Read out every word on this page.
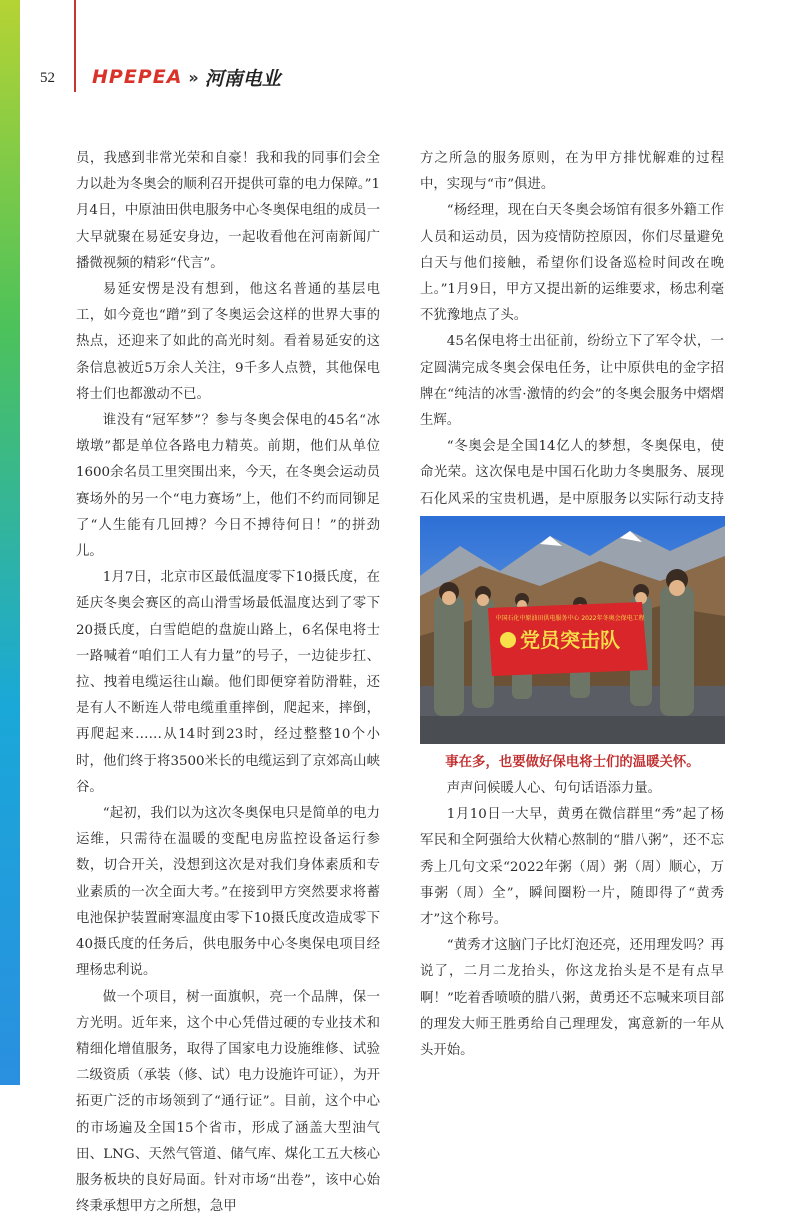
52 HPEPEA » 河南电业

员，我感到非常光荣和自豪！我和我的同事们会全力以赴为冬奥会的顺利召开提供可靠的电力保障。”1月4日，中原油田供电服务中心冬奥保电组的成员一大早就聚在易延安身边，一起收看他在河南新闻广播微视频的精彩“代言”。

易延安愣是没有想到，他这名普通的基层电工，如今竟也“蹭”到了冬奥运会这样的世界大事的热点，还迎来了如此的高光时刻。看着易延安的这条信息被近5万余人关注，9千多人点赞，其他保电将士们也都激动不已。

谁没有“冠军梦”？参与冬奥会保电的45名“冰墩墩”都是单位各路电力精英。前期，他们从单位1600余名员工里突围出来，今天，在冬奥会运动员赛场外的另一个“电力赛场”上，他们不约而同铆足了“人生能有几回搏？今日不搏待何日！”的拼劲儿。

1月7日，北京市区最低温度零下10摄氏度，在延庆冬奥会赛区的高山滑雪场最低温度达到了零下20摄氏度，白雪皑皑的盘旋山路上，6名保电将士一路喊着“咱们工人有力量”的号子，一边徒步扛、拉、拽着电缆运往山巅。他们即便穿着防滑鞋，还是有人不断连人带电缆重重摔倒，爬起来，摔倒，再爬起来……从14时到23时，经过整整10个小时，他们终于将3500米长的电缆运到了京郊高山峡谷。

“起初，我们以为这次冬奥保电只是简单的电力运维，只需待在温暖的变配电房监控设备运行参数，切合开关，没想到这次是对我们身体素质和专业素质的一次全面大考。”在接到甲方突然要求将蓄电池保护装置耐寒温度由零下10摄氏度改造成零下40摄氏度的任务后，供电服务中心冬奥保电项目经理杨忠利说。

做一个项目，树一面旗帜，亮一个品牌，保一方光明。近年来，这个中心凭借过硬的专业技术和精细化增值服务，取得了国家电力设施维修、试验二级资质（承装（修、试）电力设施许可证），为开拓更广泛的市场领到了“通行证”。目前，这个中心的市场遍及全国15个省市，形成了涵盖大型油气田、LNG、天然气管道、储气库、煤化工五大核心服务板块的良好局面。针对市场“出卷”，该中心始终秉承想甲方之所想，急甲

方之所急的服务原则，在为甲方排忧解难的过程中，实现与“市”俱进。

“杨经理，现在白天冬奥会场馆有很多外籍工作人员和运动员，因为疫情防控原因，你们尽量避免白天与他们接触，希望你们设备巡检时间改在晚上。”1月9日，甲方又提出新的运维要求，杨忠利毫不犹豫地点了头。

45名保电将士出征前，纷纷立下了军令状，一定圆满完成冬奥会保电任务，让中原供电的金字招牌在“纯洁的冰雪·激情的约会”的冬奥会服务中熠熠生辉。

“冬奥会是全国14亿人的梦想，冬奥保电，使命光荣。这次保电是中国石化助力冬奥服务、展现石化风采的宝贵机遇，是中原服务以实际行动支持

党员突击队
中国石化中原油田供电服务中心 2022年冬奥会保电工程
事在多，也要做好保电将士们的温暖关怀。

声声问候暖人心、句句话语添力量。

1月10日一大早，黄勇在微信群里“秀”起了杨军民和全阿强给大伙精心熬制的“腊八粥”，还不忘秀上几句文采“2022年粥（周）粥（周）顺心，万事粥（周）全”，瞬间圈粉一片，随即得了“黄秀才”这个称号。

“黄秀才这脑门子比灯泡还亮，还用理发吗？再说了，二月二龙抬头，你这龙抬头是不是有点早啊！”吃着香喷喷的腊八粥，黄勇还不忘喊来项目部的理发大师王胜勇给自己理理发，寓意新的一年从头开始。
